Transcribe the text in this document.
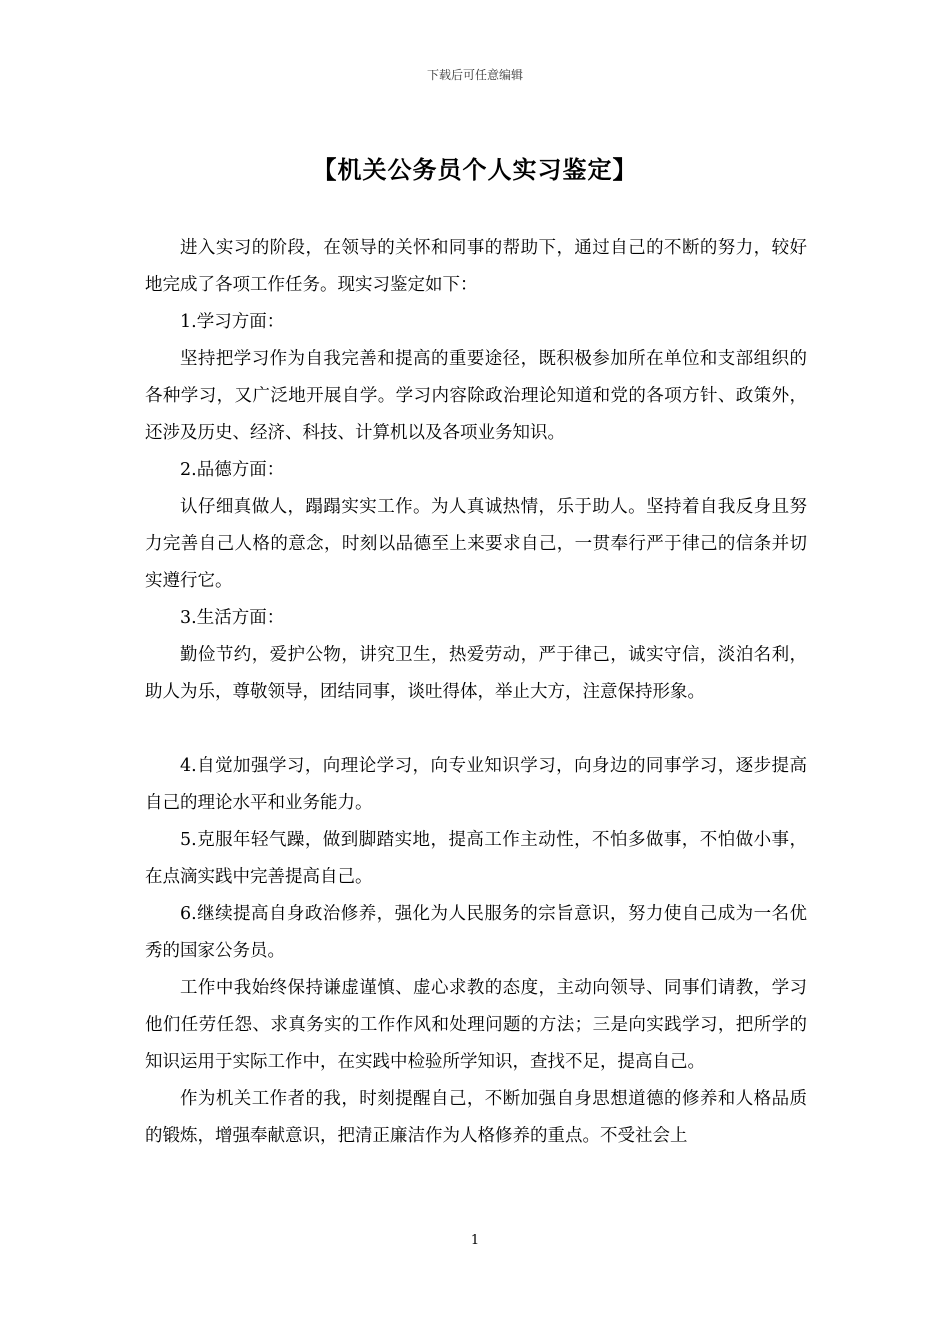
下载后可任意编辑
【机关公务员个人实习鉴定】

进入实习的阶段，在领导的关怀和同事的帮助下，通过自己的不断的努力，较好地完成了各项工作任务。现实习鉴定如下：

1.学习方面：

坚持把学习作为自我完善和提高的重要途径，既积极参加所在单位和支部组织的各种学习，又广泛地开展自学。学习内容除政治理论知道和党的各项方针、政策外，还涉及历史、经济、科技、计算机以及各项业务知识。

2.品德方面：

认仔细真做人，蹋蹋实实工作。为人真诚热情，乐于助人。坚持着自我反身且努力完善自己人格的意念，时刻以品德至上来要求自己，一贯奉行严于律己的信条并切实遵行它。

3.生活方面：

勤俭节约，爱护公物，讲究卫生，热爱劳动，严于律己，诚实守信，淡泊名利，助人为乐，尊敬领导，团结同事，谈吐得体，举止大方，注意保持形象。

4.自觉加强学习，向理论学习，向专业知识学习，向身边的同事学习，逐步提高自己的理论水平和业务能力。

5.克服年轻气躁，做到脚踏实地，提高工作主动性，不怕多做事，不怕做小事，在点滴实践中完善提高自己。

6.继续提高自身政治修养，强化为人民服务的宗旨意识，努力使自己成为一名优秀的国家公务员。

工作中我始终保持谦虚谨慎、虚心求教的态度，主动向领导、同事们请教，学习他们任劳任怨、求真务实的工作作风和处理问题的方法；三是向实践学习，把所学的知识运用于实际工作中，在实践中检验所学知识，查找不足，提高自己。

作为机关工作者的我，时刻提醒自己，不断加强自身思想道德的修养和人格品质的锻炼，增强奉献意识，把清正廉洁作为人格修养的重点。不受社会上

1
